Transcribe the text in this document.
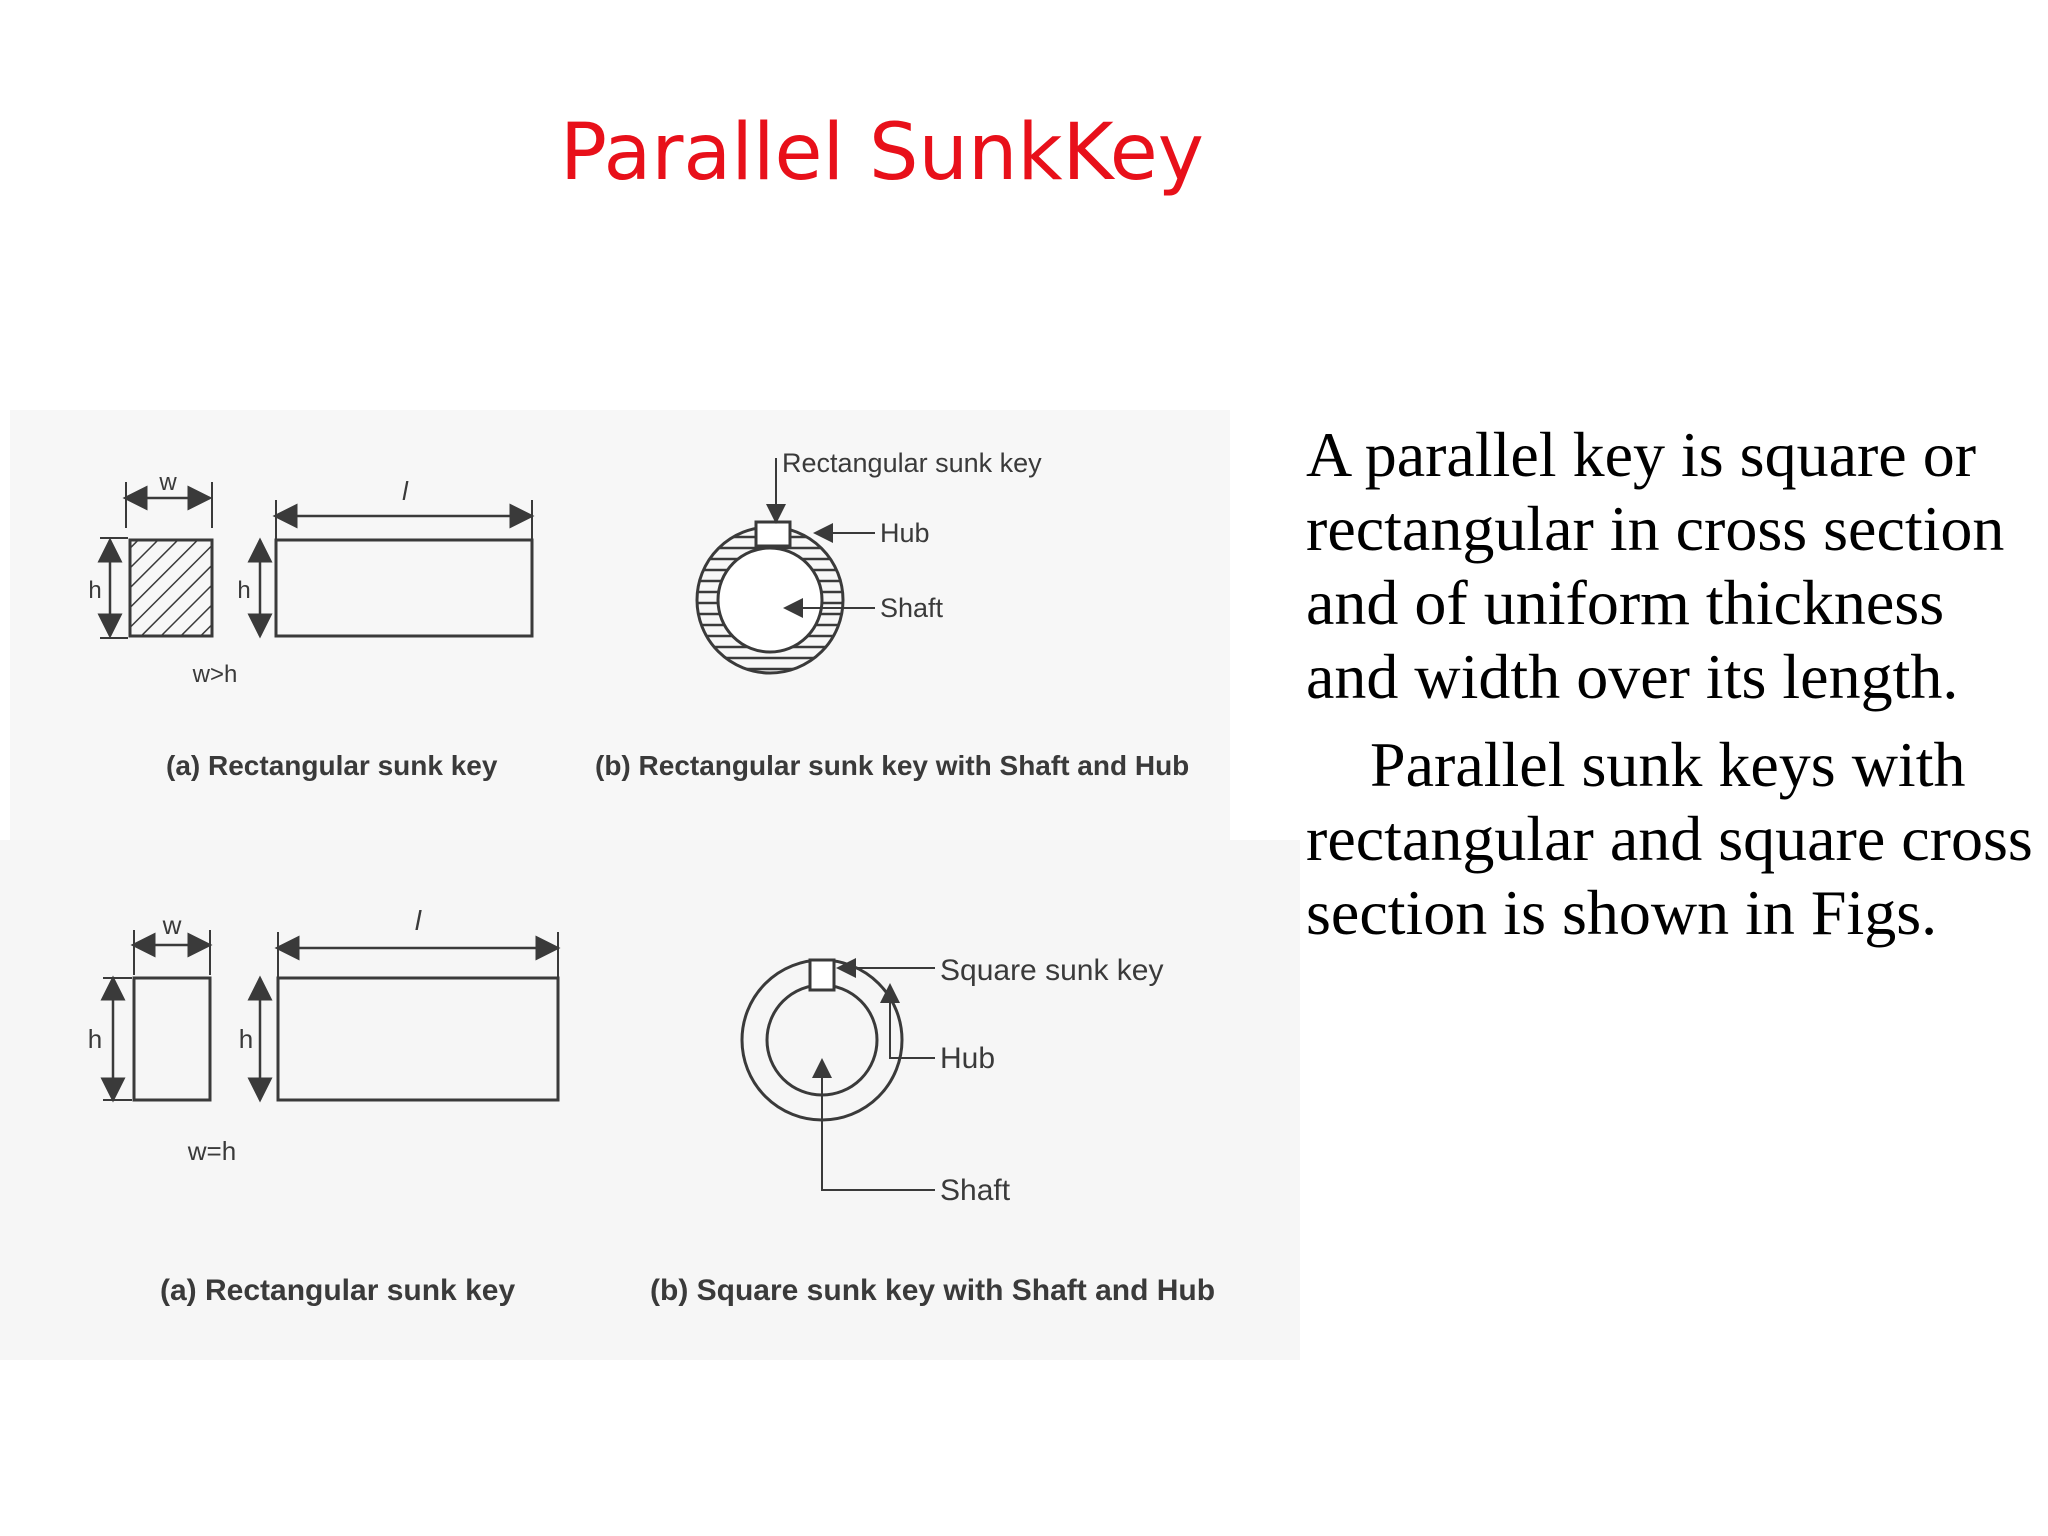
Parallel SunkKey
w
h
w>h
l
h
Rectangular sunk key
Hub
Shaft
(a) Rectangular sunk key	(b) Rectangular sunk key with Shaft and Hub
w
h
w=h
l
h
Square sunk key
Hub
Shaft
(a) Rectangular sunk key	(b) Square sunk key with Shaft and Hub

A parallel key is square or rectangular in cross section and of uniform thickness and width over its length.

Parallel sunk keys with rectangular and square cross section is shown in Figs.
